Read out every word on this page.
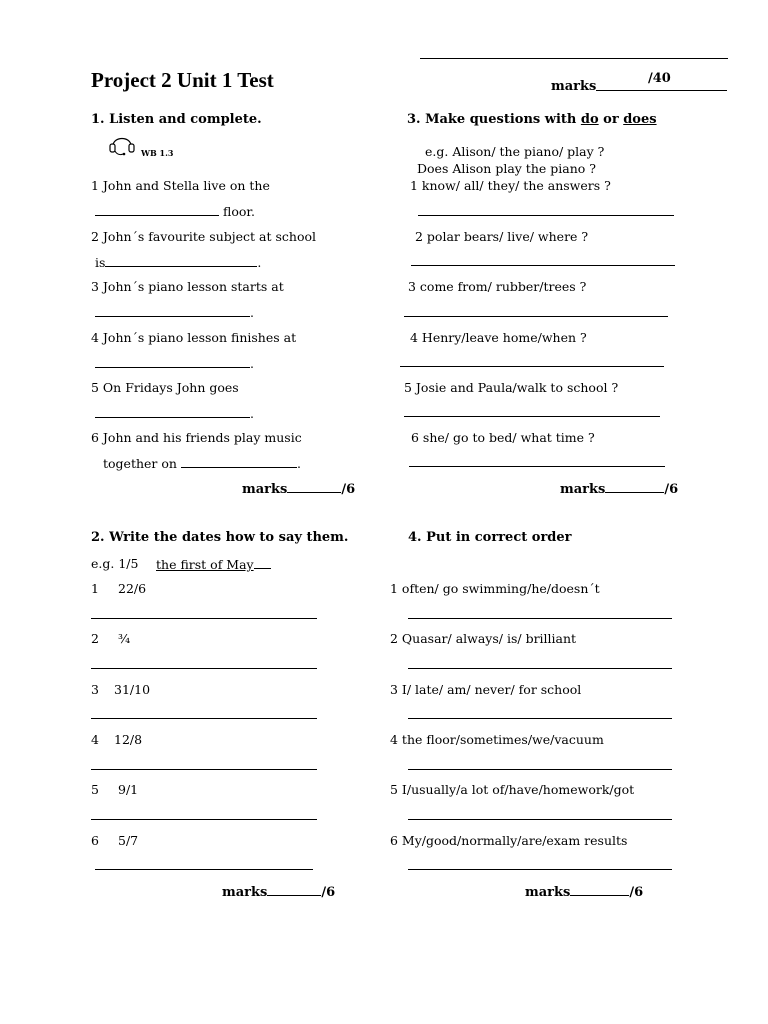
Project 2 Unit 1 Test	marks
/40
1. Listen and complete.
WB 1.3
1 John and Stella live on the
floor.
2 John´s favourite subject at school
is	.
3 John´s piano lesson starts at
.
4 John´s piano lesson finishes at
.
5 On Fridays John goes
.
6 John and his friends play music
together on	.
marks	/6
3. Make questions with do or does
e.g. Alison/ the piano/ play ?
Does Alison play the piano ?
1 know/ all/ they/ the answers ?
2 polar bears/ live/ where ?
3 come from/ rubber/trees ?
4 Henry/leave home/when ?
5 Josie and Paula/walk to school ?
6 she/ go to bed/ what time ?
marks	/6
2. Write the dates how to say them.
e.g. 1/5 the first of May
1 22/6
2 ¾
3 31/10
4 12/8
5 9/1
6 5/7
marks	/6
4. Put in correct order
1 often/ go swimming/he/doesn´t
2 Quasar/ always/ is/ brilliant
3 I/ late/ am/ never/ for school
4 the floor/sometimes/we/vacuum
5 I/usually/a lot of/have/homework/got
6 My/good/normally/are/exam results
marks	/6
